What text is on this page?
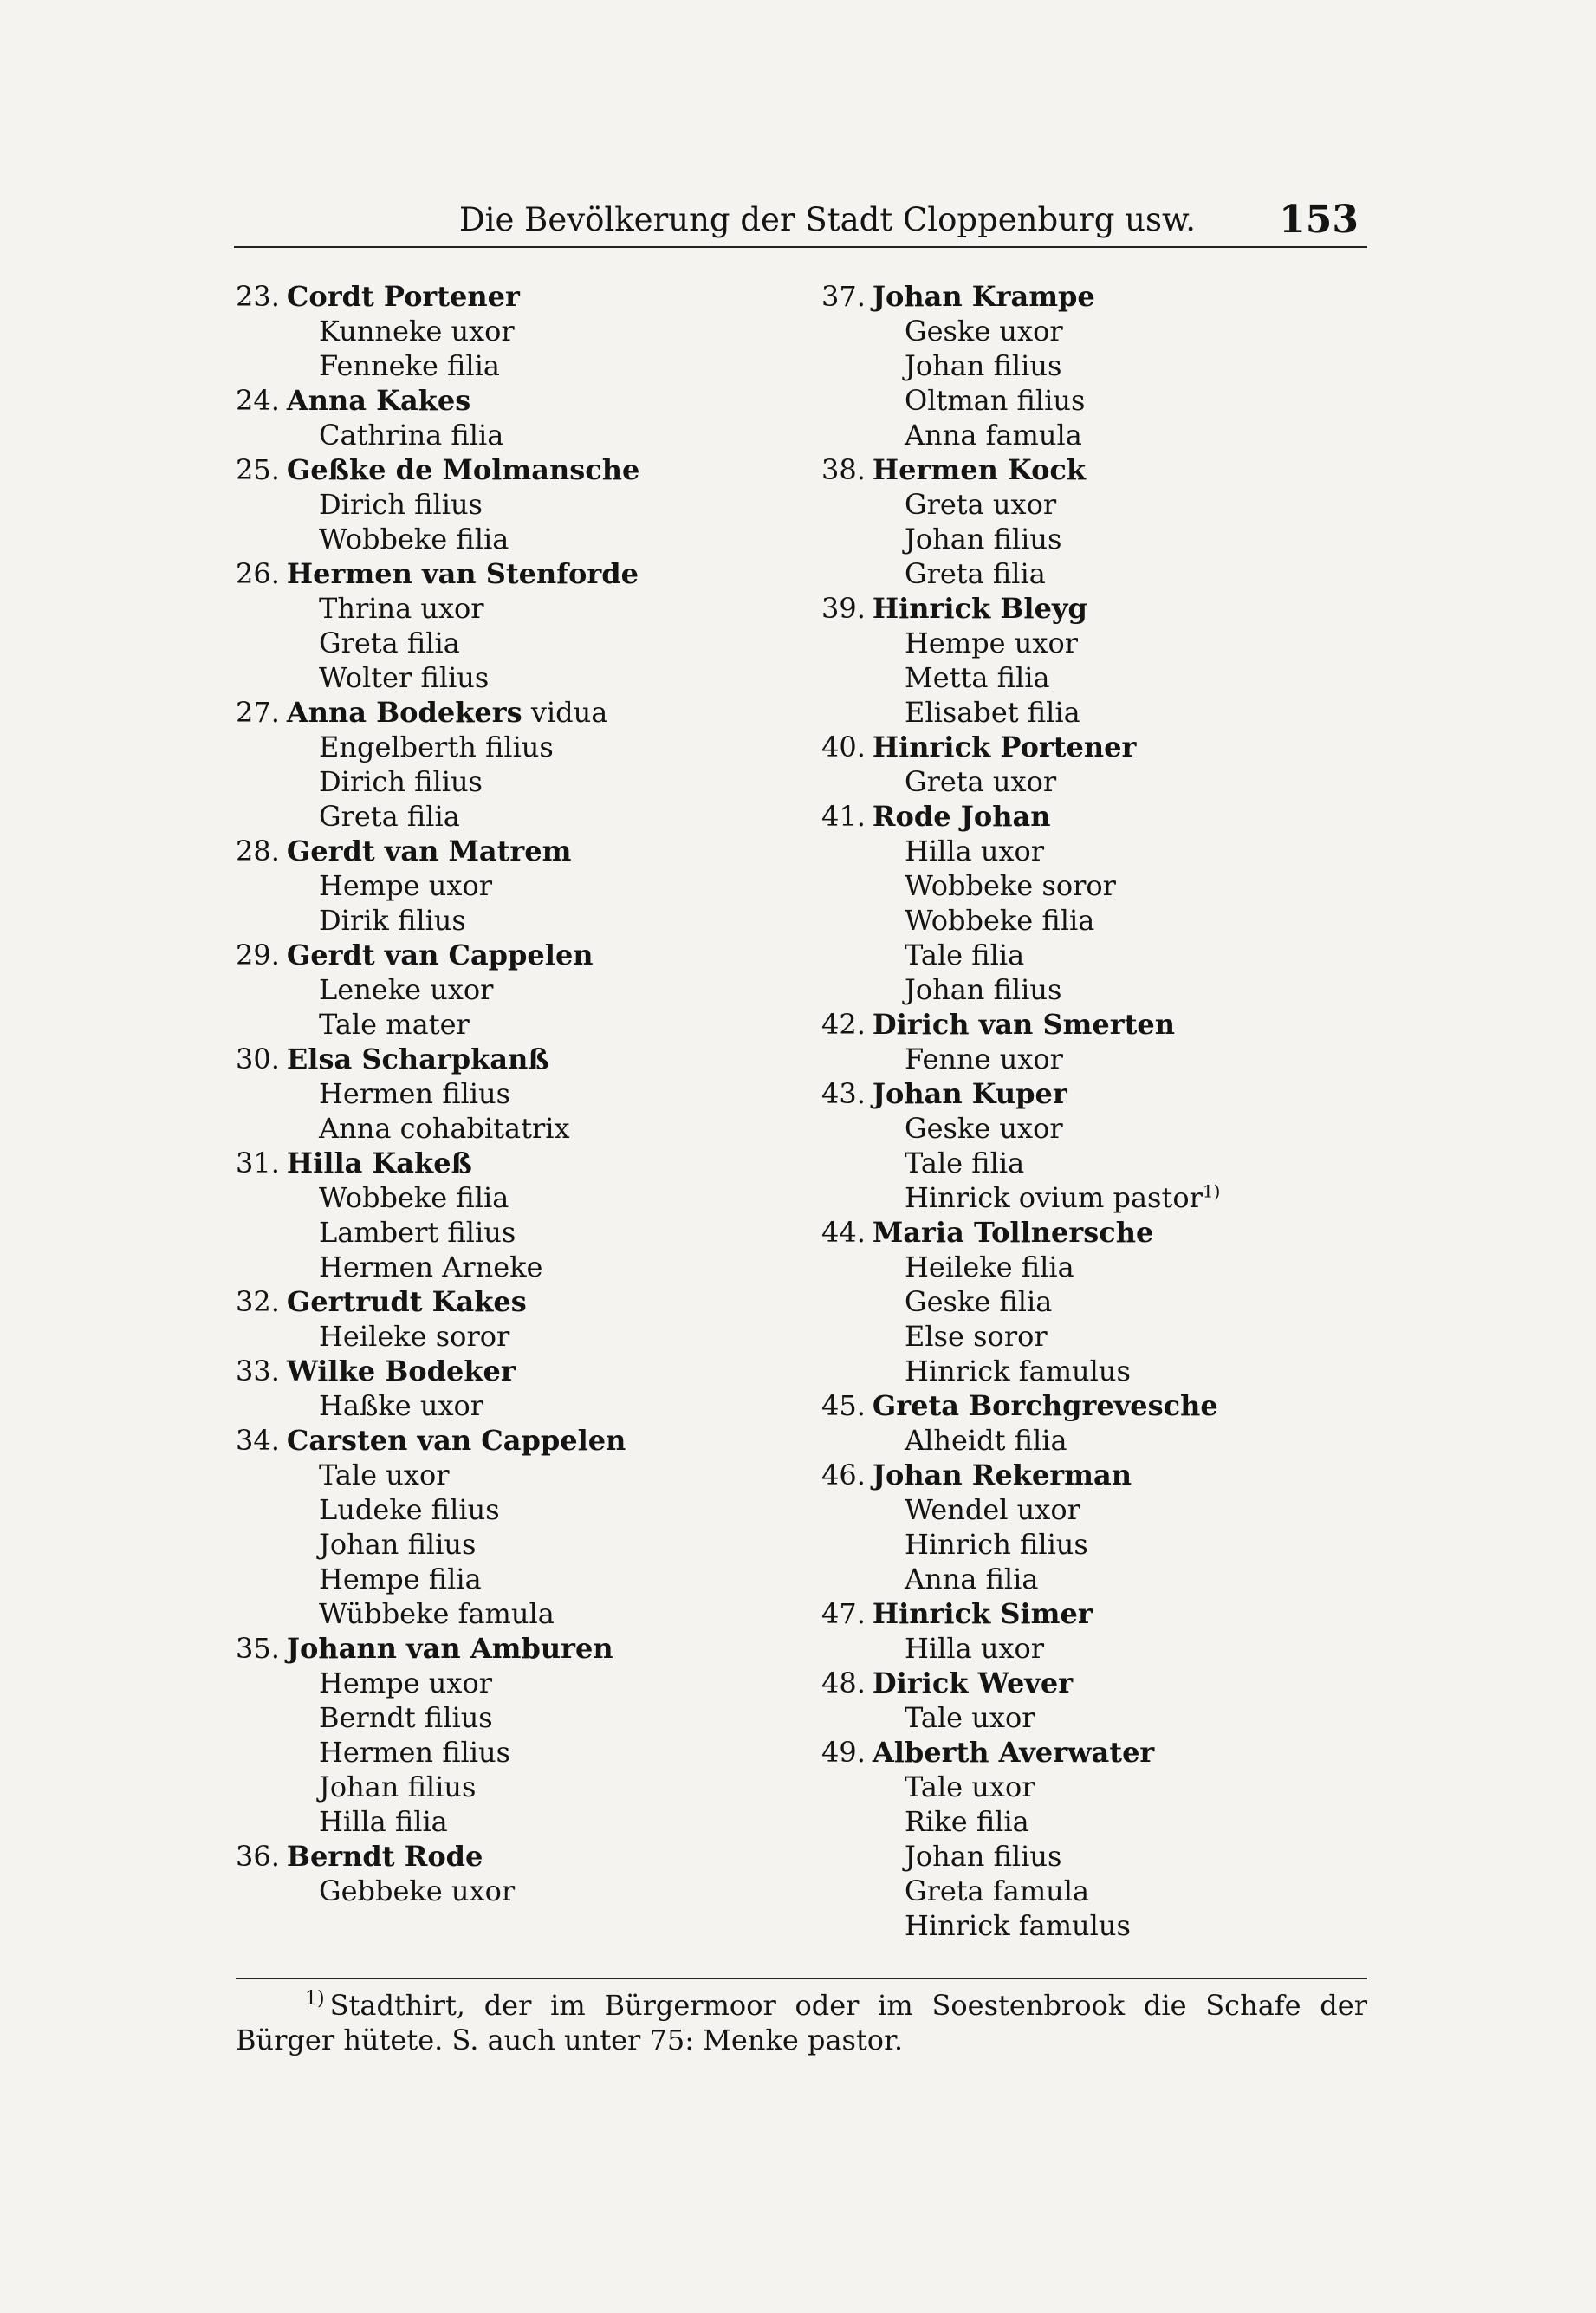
Die Bevölkerung der Stadt Cloppenburg usw. 153
23. Cordt Portener
Kunneke uxor
Fenneke filia
24. Anna Kakes
Cathrina filia
25. Geßke de Molmansche
Dirich filius
Wobbeke filia
26. Hermen van Stenforde
Thrina uxor
Greta filia
Wolter filius
27. Anna Bodekers
vidua
Engelberth filius
Dirich filius
Greta filia
28. Gerdt van Matrem
Hempe uxor
Dirik filius
29. Gerdt van Cappelen
Leneke uxor
Tale mater
30. Elsa Scharpkanß
Hermen filius
Anna cohabitatrix
31. Hilla Kakeß
Wobbeke filia
Lambert filius
Hermen Arneke
32. Gertrudt Kakes
Heileke soror
33. Wilke Bodeker
Haßke uxor
34. Carsten van Cappelen
Tale uxor
Ludeke filius
Johan filius
Hempe filia
Wübbeke famula
35. Johann van Amburen
Hempe uxor
Berndt filius
Hermen filius
Johan filius
Hilla filia
36. Berndt Rode
Gebbeke uxor
37. Johan Krampe
Geske uxor
Johan filius
Oltman filius
Anna famula
38. Hermen Kock
Greta uxor
Johan filius
Greta filia
39. Hinrick Bleyg
Hempe uxor
Metta filia
Elisabet filia
40. Hinrick Portener
Greta uxor
41. Rode Johan
Hilla uxor
Wobbeke soror
Wobbeke filia
Tale filia
Johan filius
42. Dirich van Smerten
Fenne uxor
43. Johan Kuper
Geske uxor
Tale filia
Hinrick ovium pastor$^{1)}$
44. Maria Tollnersche
Heileke filia
Geske filia
Else soror
Hinrick famulus
45. Greta Borchgrevesche
Alheidt filia
46. Johan Rekerman
Wendel uxor
Hinrich filius
Anna filia
47. Hinrick Simer
Hilla uxor
48. Dirick Wever
Tale uxor
49. Alberth Averwater
Tale uxor
Rike filia
Johan filius
Greta famula
Hinrick famulus
$^{1)}$ Stadthirt, der im Bürgermoor oder im Soestenbrook die Schafe der
Bürger hütete. S. auch unter 75: Menke pastor.
